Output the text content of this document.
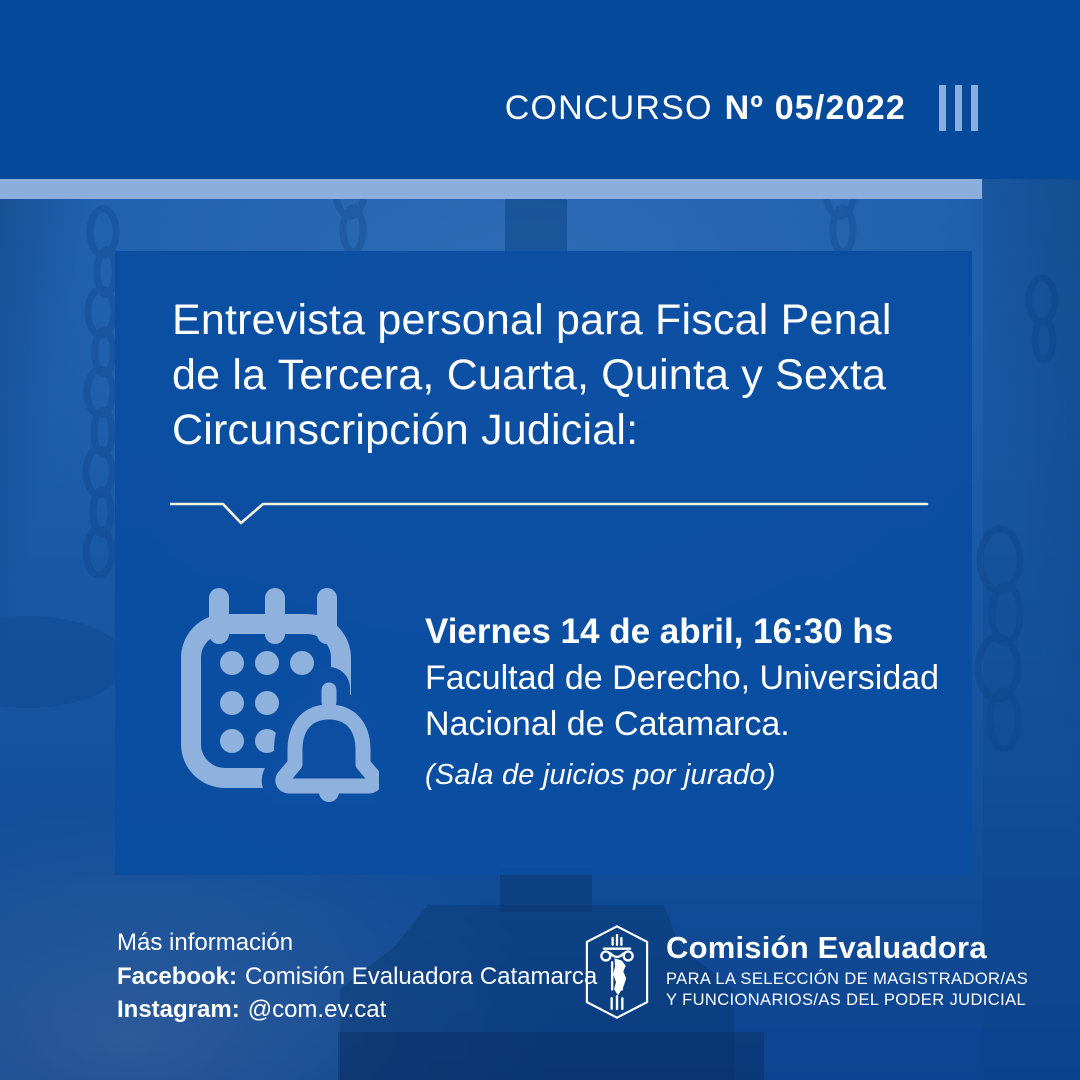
CONCURSO Nº 05/2022
Entrevista personal para Fiscal Penal
de la Tercera, Cuarta, Quinta y Sexta
Circunscripción Judicial:
Viernes 14 de abril, 16:30 hs
Facultad de Derecho, Universidad
Nacional de Catamarca.
(Sala de juicios por jurado)
Más información
Facebook: Comisión Evaluadora Catamarca
Instagram: @com.ev.cat
Comisión Evaluadora
PARA LA SELECCIÓN DE MAGISTRADOR/AS
Y FUNCIONARIOS/AS DEL PODER JUDICIAL
